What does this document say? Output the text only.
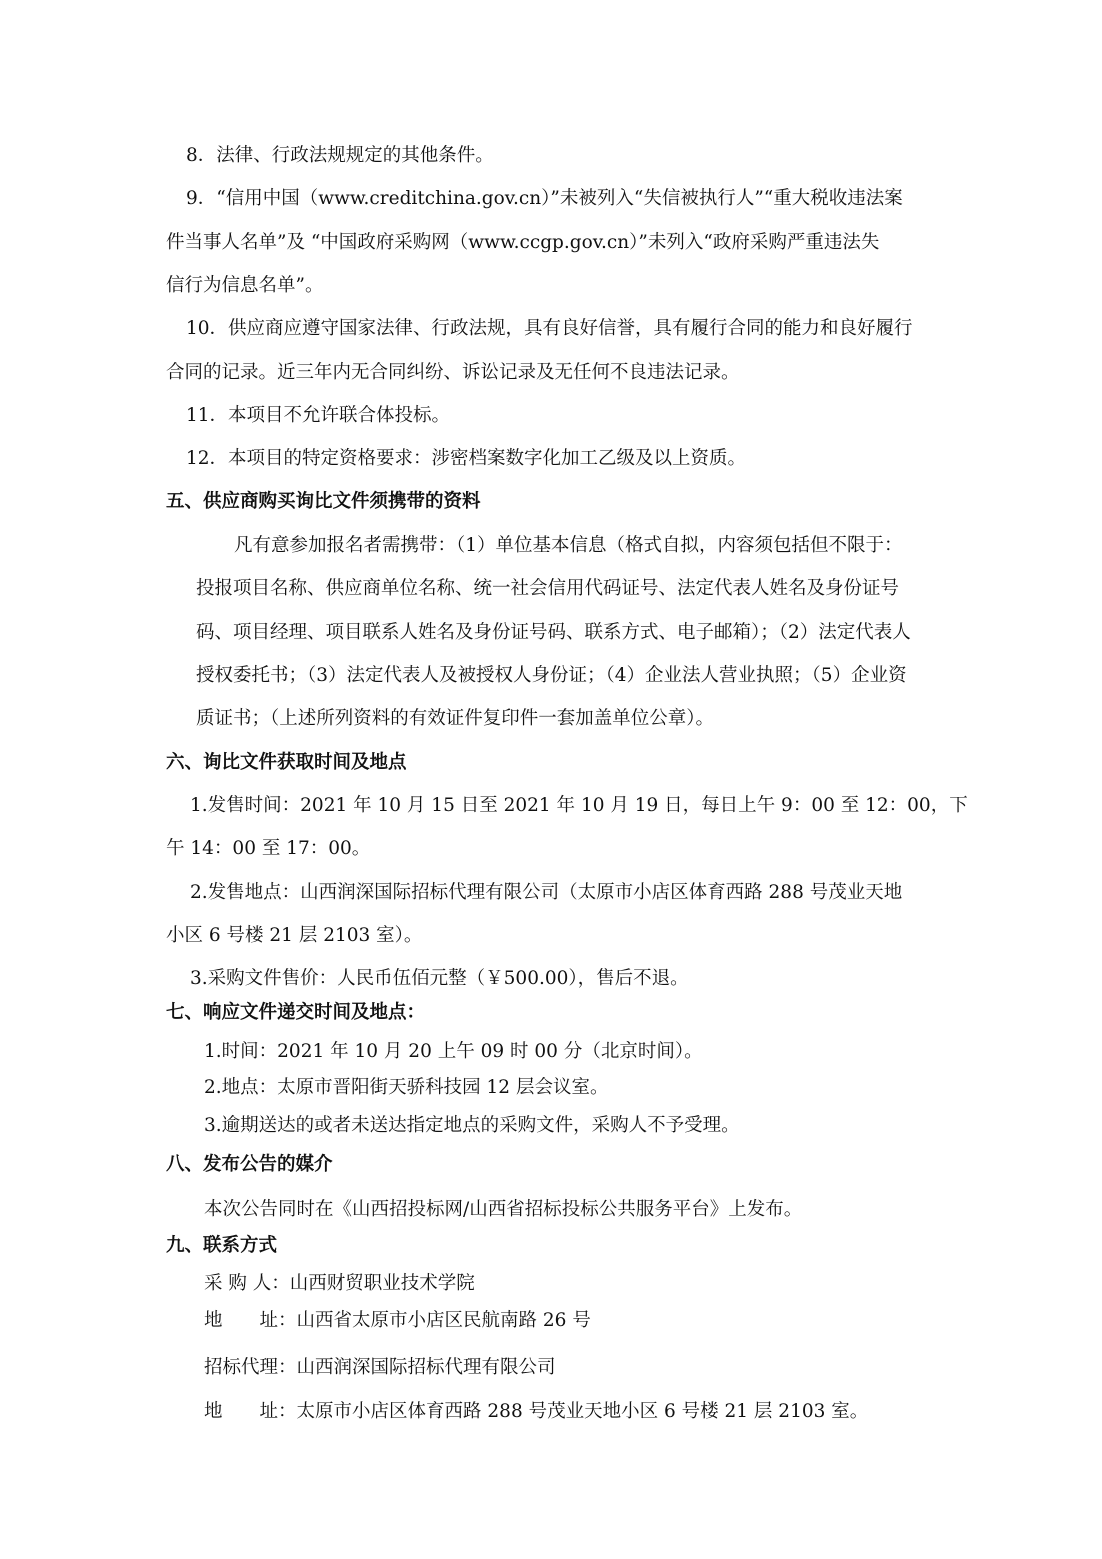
8．法律、行政法规规定的其他条件。
9．“信用中国（www.creditchina.gov.cn）”未被列入“失信被执行人”“重大税收违法案
件当事人名单”及 “中国政府采购网（www.ccgp.gov.cn）”未列入“政府采购严重违法失
信行为信息名单”。
10．供应商应遵守国家法律、行政法规，具有良好信誉，具有履行合同的能力和良好履行
合同的记录。近三年内无合同纠纷、诉讼记录及无任何不良违法记录。
11．本项目不允许联合体投标。
12．本项目的特定资格要求：涉密档案数字化加工乙级及以上资质。
五、供应商购买询比文件须携带的资料
凡有意参加报名者需携带：（1）单位基本信息（格式自拟，内容须包括但不限于：
投报项目名称、供应商单位名称、统一社会信用代码证号、法定代表人姓名及身份证号
码、项目经理、项目联系人姓名及身份证号码、联系方式、电子邮箱）；（2）法定代表人
授权委托书；（3）法定代表人及被授权人身份证；（4）企业法人营业执照；（5）企业资
质证书；（上述所列资料的有效证件复印件一套加盖单位公章）。
六、询比文件获取时间及地点
1.发售时间：2021 年 10 月 15 日至 2021 年 10 月 19 日，每日上午 9：00 至 12：00，下
午 14：00 至 17：00。
2.发售地点：山西润深国际招标代理有限公司（太原市小店区体育西路 288 号茂业天地
小区 6 号楼 21 层 2103 室）。
3.采购文件售价：人民币伍佰元整（￥500.00），售后不退。
七、响应文件递交时间及地点：
1.时间：2021 年 10 月 20 上午 09 时 00 分（北京时间）。
2.地点：太原市晋阳街天骄科技园 12 层会议室。
3.逾期送达的或者未送达指定地点的采购文件，采购人不予受理。
八、发布公告的媒介
本次公告同时在《山西招投标网/山西省招标投标公共服务平台》上发布。
九、联系方式
采 购 人：山西财贸职业技术学院
地　　址：山西省太原市小店区民航南路 26 号
招标代理：山西润深国际招标代理有限公司
地　　址：太原市小店区体育西路 288 号茂业天地小区 6 号楼 21 层 2103 室。
